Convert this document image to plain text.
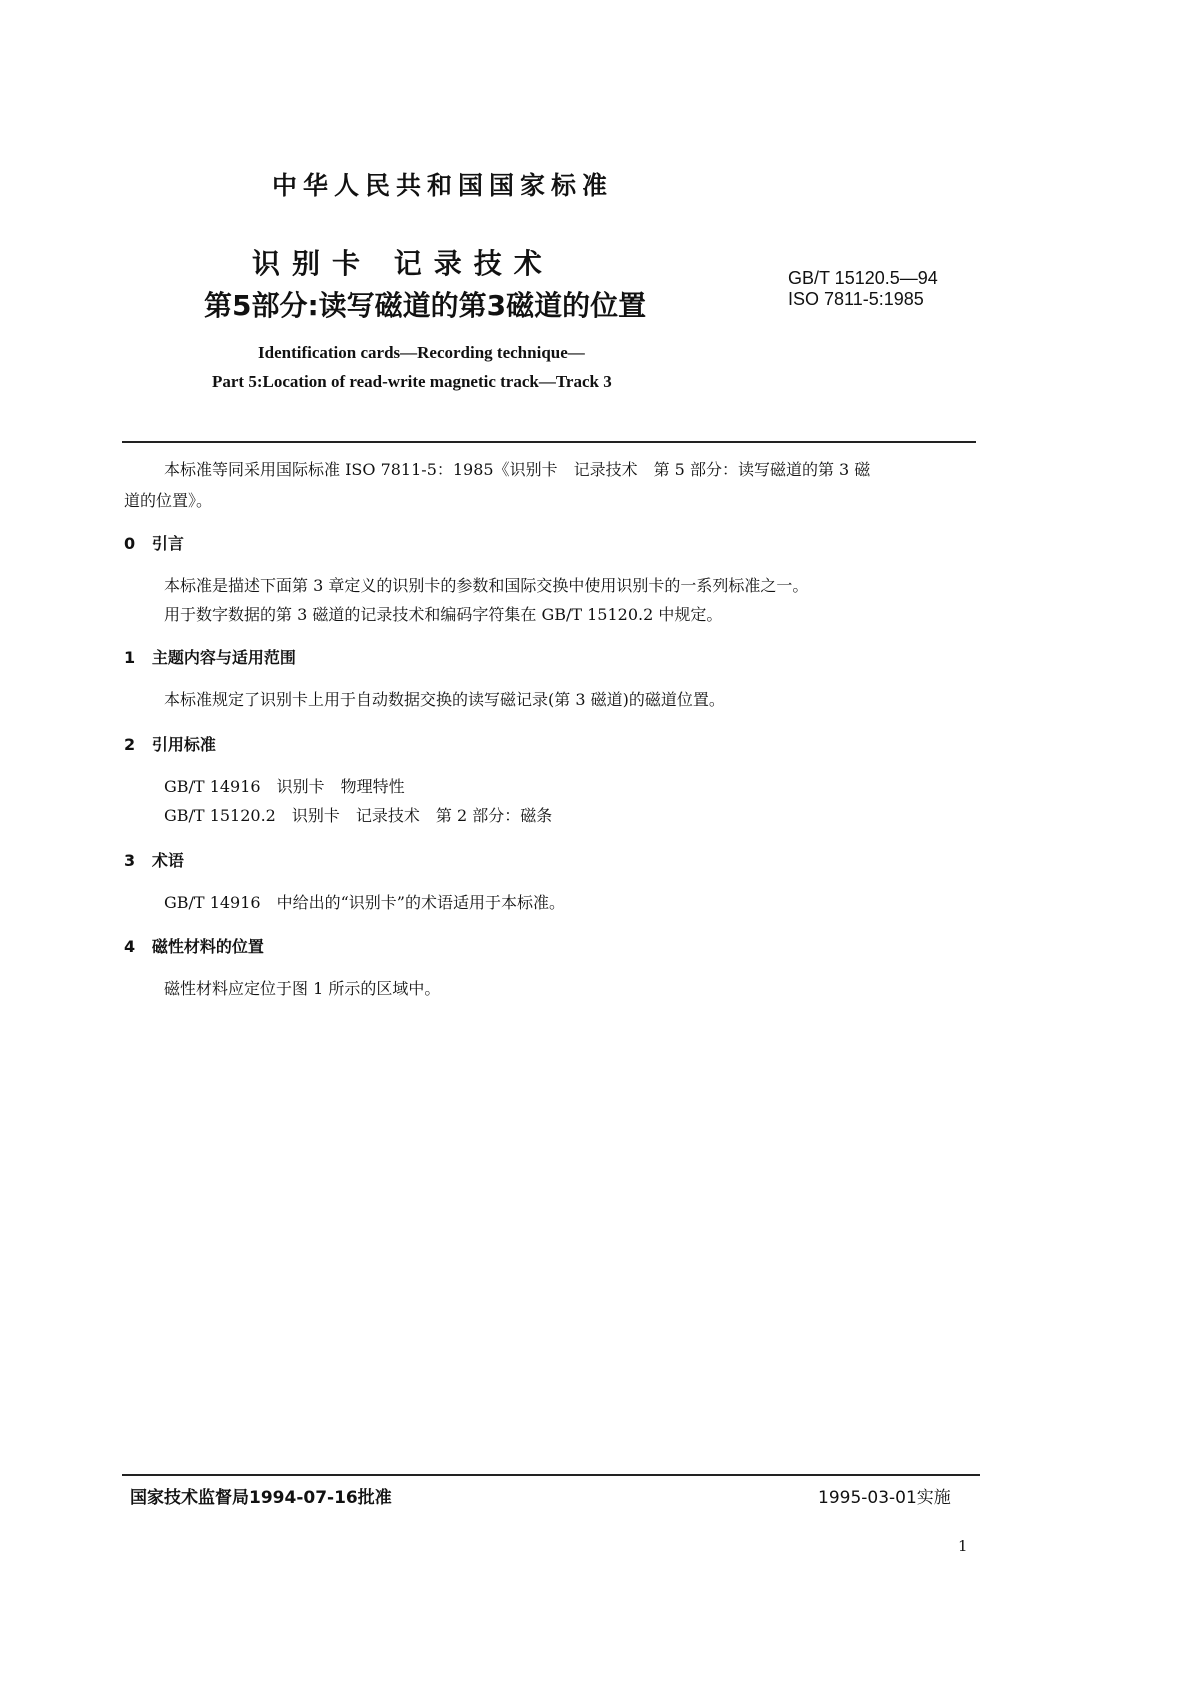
中华人民共和国国家标准
识别卡 记录技术
第5部分:读写磁道的第3磁道的位置
GB/T 15120.5—94
ISO 7811-5:1985
Identification cards—Recording technique—
Part 5:Location of read-write magnetic track—Track 3
本标准等同采用国际标准 ISO 7811-5：1985《识别卡　记录技术　第 5 部分：读写磁道的第 3 磁
道的位置》。
0 引言
本标准是描述下面第 3 章定义的识别卡的参数和国际交换中使用识别卡的一系列标准之一。
用于数字数据的第 3 磁道的记录技术和编码字符集在 GB/T 15120.2 中规定。
1 主题内容与适用范围
本标准规定了识别卡上用于自动数据交换的读写磁记录(第 3 磁道)的磁道位置。
2 引用标准
GB/T 14916　识别卡　物理特性
GB/T 15120.2　识别卡　记录技术　第 2 部分：磁条
3 术语
GB/T 14916　中给出的“识别卡”的术语适用于本标准。
4 磁性材料的位置
磁性材料应定位于图 1 所示的区域中。
国家技术监督局1994-07-16批准	1995-03-01实施
1
